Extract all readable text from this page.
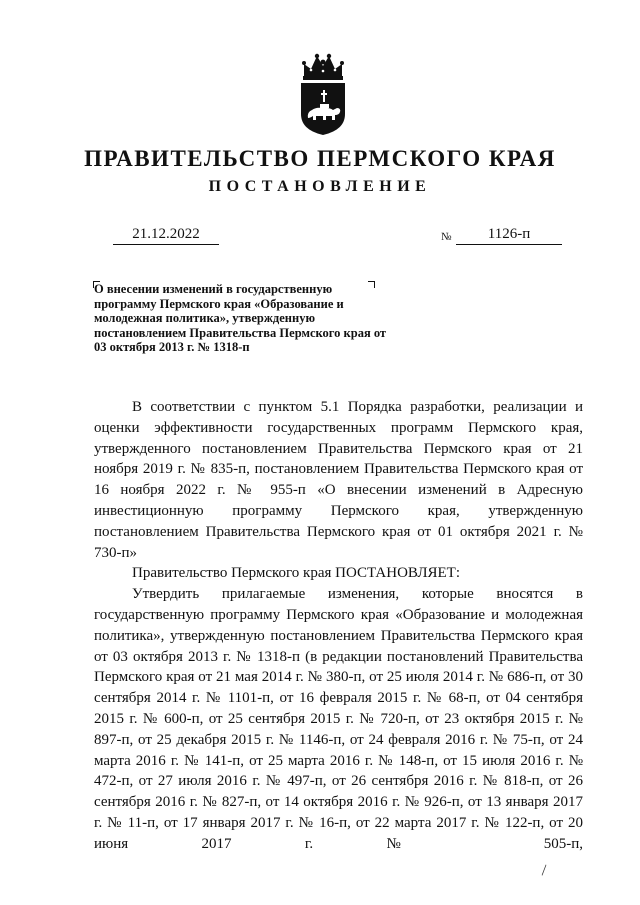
ПРАВИТЕЛЬСТВО ПЕРМСКОГО КРАЯ
ПОСТАНОВЛЕНИЕ
21.12.2022	№	1126-п
О внесении изменений в государственную программу Пермского края «Образование и молодежная политика», утвержденную постановлением Правительства Пермского края от 03 октября 2013 г. № 1318-п

В соответствии с пунктом 5.1 Порядка разработки, реализации и оценки эффективности государственных программ Пермского края, утвержденного постановлением Правительства Пермского края от 21 ноября 2019 г. № 835-п, постановлением Правительства Пермского края от 16 ноября 2022 г. № 955-п «О внесении изменений в Адресную инвестиционную программу Пермского края, утвержденную постановлением Правительства Пермского края от 01 октября 2021 г. № 730-п»

Правительство Пермского края ПОСТАНОВЛЯЕТ:

Утвердить прилагаемые изменения, которые вносятся в государственную программу Пермского края «Образование и молодежная политика», утвержденную постановлением Правительства Пермского края от 03 октября 2013 г. № 1318-п (в редакции постановлений Правительства Пермского края от 21 мая 2014 г. № 380-п, от 25 июля 2014 г. № 686-п, от 30 сентября 2014 г. № 1101-п, от 16 февраля 2015 г. № 68-п, от 04 сентября 2015 г. № 600-п, от 25 сентября 2015 г. № 720-п, от 23 октября 2015 г. № 897-п, от 25 декабря 2015 г. № 1146-п, от 24 февраля 2016 г. № 75-п, от 24 марта 2016 г. № 141-п, от 25 марта 2016 г. № 148-п, от 15 июля 2016 г. № 472-п, от 27 июля 2016 г. № 497-п, от 26 сентября 2016 г. № 818-п, от 26 сентября 2016 г. № 827-п, от 14 октября 2016 г. № 926-п, от 13 января 2017 г. № 11-п, от 17 января 2017 г. № 16-п, от 22 марта 2017 г. № 122-п, от 20 июня 2017 г. № 505-п,

\
